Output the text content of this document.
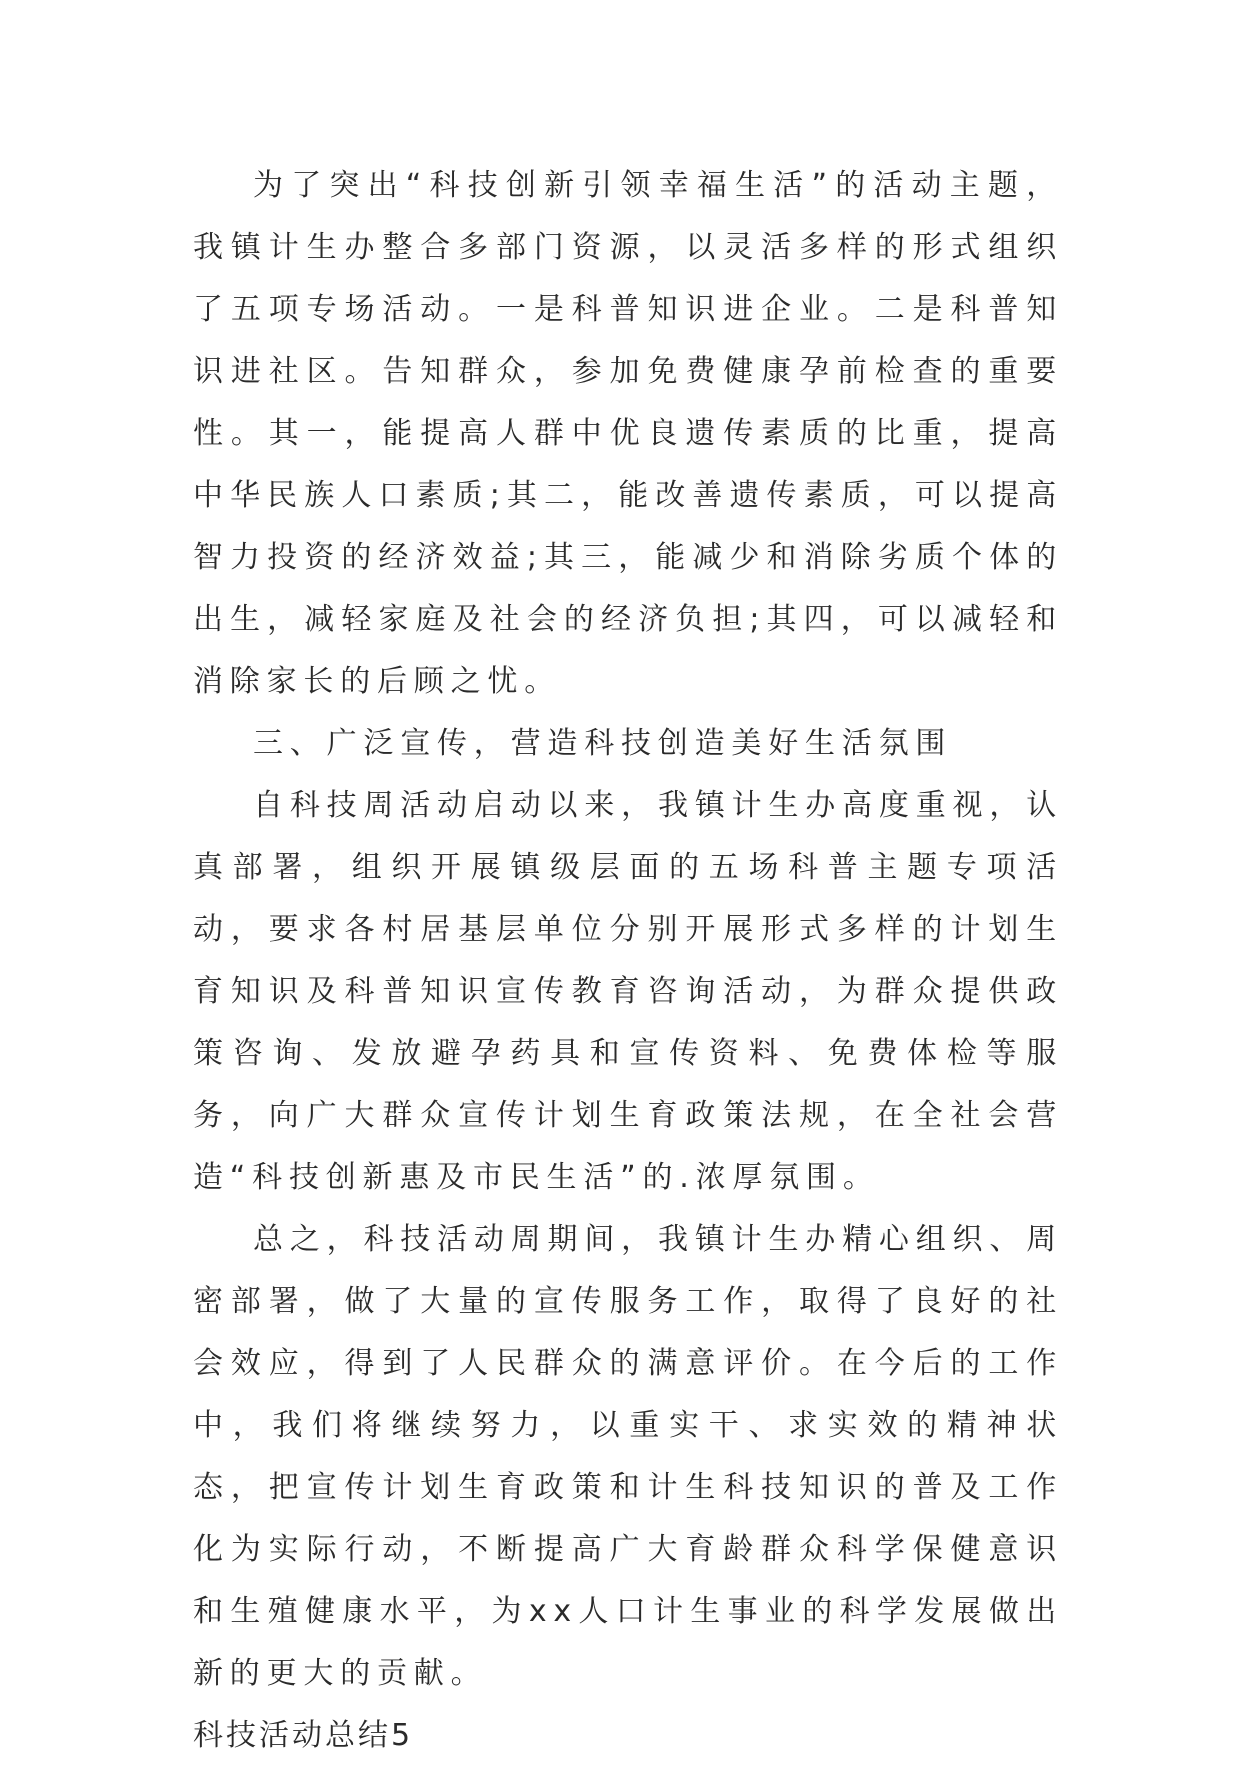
为了突出“科技创新引领幸福生活”的活动主题，我镇计生办整合多部门资源，以灵活多样的形式组织了五项专场活动。一是科普知识进企业。二是科普知识进社区。告知群众，参加免费健康孕前检查的重要性。其一，能提高人群中优良遗传素质的比重，提高中华民族人口素质;其二，能改善遗传素质，可以提高智力投资的经济效益;其三，能减少和消除劣质个体的出生，减轻家庭及社会的经济负担;其四，可以减轻和消除家长的后顾之忧。

三、广泛宣传，营造科技创造美好生活氛围

自科技周活动启动以来，我镇计生办高度重视，认真部署，组织开展镇级层面的五场科普主题专项活动，要求各村居基层单位分别开展形式多样的计划生育知识及科普知识宣传教育咨询活动，为群众提供政策咨询、发放避孕药具和宣传资料、免费体检等服务，向广大群众宣传计划生育政策法规，在全社会营造“科技创新惠及市民生活”的.浓厚氛围。

总之，科技活动周期间，我镇计生办精心组织、周密部署，做了大量的宣传服务工作，取得了良好的社会效应，得到了人民群众的满意评价。在今后的工作中，我们将继续努力，以重实干、求实效的精神状态，把宣传计划生育政策和计生科技知识的普及工作化为实际行动，不断提高广大育龄群众科学保健意识和生殖健康水平，为xx人口计生事业的科学发展做出新的更大的贡献。

科技活动总结5
